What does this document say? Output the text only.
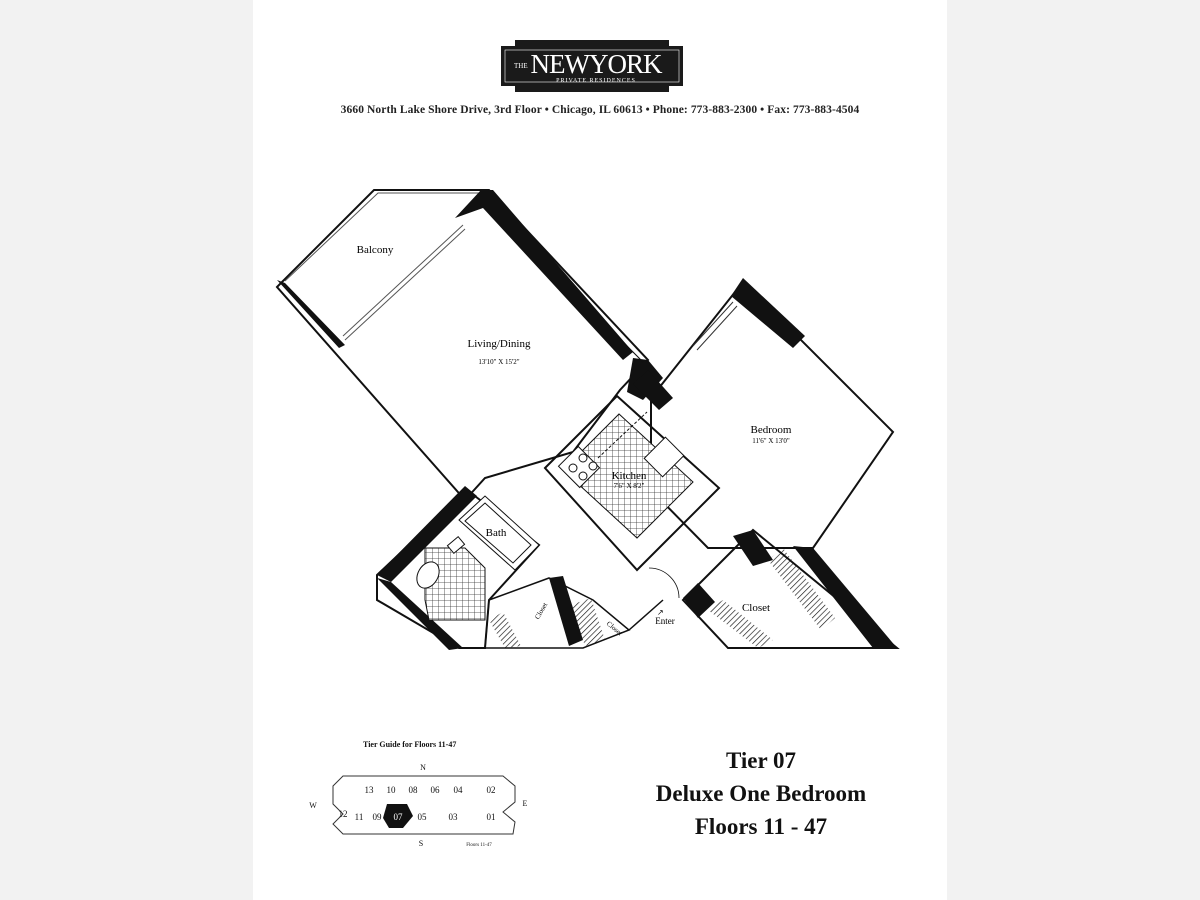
THE NEWYORK
PRIVATE RESIDENCES
3660 North Lake Shore Drive, 3rd Floor • Chicago, IL 60613 • Phone: 773-883-2300 • Fax: 773-883-4504
Balcony
Living/Dining
13'10" X 15'2"
Bedroom
11'6" X 13'0"
Kitchen
7'6" X 8'2"
Bath
Closet
Closet
Closet	Enter
↗
Tier Guide for Floors 11-47
13 10 08 06 04	02
12 11 09 07 05 03	01
N
S
W	E
Floors 11-47
Tier 07
Deluxe One Bedroom
Floors 11 - 47
